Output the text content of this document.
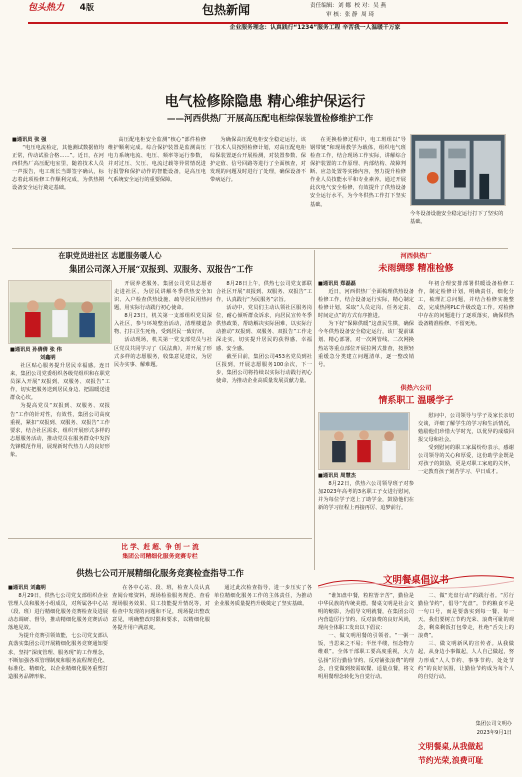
包头热力 4版	包热新闻	责任编辑：刘 娜 校 对：吴 燕
审 核：张 静 周 琦
企业服务理念：认真践行“1234”服务工程 辛苦我一人温暖千万家
电气检修除隐患 精心维护保运行
——河西供热厂开展高压配电柜综保装置检修维护工作
■通讯员 张 强

“电压电流检定，其他测试数据值均正常，传动试验合格……”。近日，在河西供热厂高压配电室里，随着技术人员一声报告，电工班长当即签字确认，标志着此项检修工作顺利完成，为供热期设备安全运行奠定基础。

高压配电柜安全监测“核心”部件检修维护顺利完成。综合保护装置是监测高压电力系统电流、电压、频率等运行参数，并对过压、欠压、电流过载等异常情况进行报警和保护动作的智能设备，是高压电气系统安全运行的重要保障。

为确保高压配电柜安全稳定运行，该厂技术人员按照检修计划，对高压配电柜综保装置逐台开展检测，对装置参数、保护定值、信号回路等进行了全面核查，对发现的问题及时进行了处理，确保设备不带病运行。

在更换检修过程中，电工班组以“导钢带链”和现场教学为载体，组织电气班检查工作，结合现场工作实际，讲解综合保护装置的工作原理、内部结构、故障判断、应急处置等实操内容，努力提升检修作业人员技能水平和专业素养。通过开展此次电气安全检修，有效提升了供热设备安全运行水平，为今冬供热工作打下坚实基础。

今冬设备设施安全稳定运行打下了坚实的基础。
在职党员进社区 志愿服务暖人心
集团公司深入开展“双报到、双服务、双报告”工作
■通讯员 孙倩倩 张 伟
刘鑫明

社区贴心服务提升居民幸福感。连日来，集团公司党委组织各级党组织和在职党员深入开展“双报到、双服务、双报告”工作，切实把服务送到居民身边、把温暖送进群众心坎。

为提高党员“双报到、双服务、双报告”工作的针对性，有效性，集团公司高度重视，紧扣“双报到、双服务、双报告”工作要求，结合社区需求，组织开展形式多样的志愿服务活动，推动党员在服务群众中发挥先锋模范作用，展现新时代热力人的良好形象。

开展养老服务。集团公司党员志愿者走进社区，为居民讲解冬季供热安全知识、入户检查供热设施、疏导居民用热问题，用实际行动践行初心使命。

8月23日，机关第一支部组织党员深入社区，参与环境整治活动，清理楼道杂物、打扫卫生死角，受到居民一致好评。

活动现场，机关第一党支部党员与社区党员共同学习了《民法典》，并开展了形式多样的志愿服务，收集意见建议，为居民办实事、解难题。

8月28日上午，供热七公司党支部联合社区开展“双报到、双服务、双报告”工作，认真践行“为民服务”宗旨。

活动中，党员们主动认领社区服务岗位，耐心倾听群众诉求，向居民宣传冬季供热政策，帮助解决实际困难，以实际行动推动“双报到、双服务、双报告”工作走深走实，切实提升居民的获得感、幸福感、安全感。

截至目前，集团公司453名党员到社区报到，开展志愿服务100余次，下一步，集团公司将持续以实际行动践行初心使命，为推动企业高质量发展贡献力量。

河西供热厂
未雨绸缪 精准检修
■通讯员 郑磊磊

近日，河西供热厂全面梳理供热设备检修工作，结合设备运行实际，精心制定检修计划，采取“人员定岗、任务定责、时间定点”的方式有序推进。

为下好“保障供暖”这盘民生棋，确保今冬供热设备安全稳定运行，该厂提前谋划、精心部署，对一次网管线、二次网换热站等重点部位开展拉网式排查，按照轻重缓急分类建立问题清单，逐一整改销号。

年初合理安排部署供暖设备检修工作，制定检修计划，明确责任，细化分工，梳理汇总问题，并结合检修实施整改，完成热网PLC升级改造工作。对检修中存在的问题进行了逐项落实，确保供热设备精准检修、不留死角。

供热六公司
情系职工 温暖学子
■通讯员 周慧杰

8月22日，供热六公司领导班子对参加2023年高考的3名职工子女进行慰问，并为每位学子送上了助学金，鼓励他们在新的学习征程上再接再厉、追梦前行。

慰问中，公司领导与学子及家长亲切交谈，详细了解学生的学习和生活情况，勉励他们珍惜大学时光，以优异的成绩回报父母和社会。

受到慰问的职工家属纷纷表示，感谢公司领导的关心和厚爱，这份助学金既是对孩子的鼓励，更是对职工家庭的关怀，一定教育孩子刻苦学习、早日成才。

比 学、赶 超、争 创 一 流
集团公司精细化服务竞赛专栏
供热七公司开展精细化服务竞赛检查指导工作
■通讯员 刘鑫明

8月29日，供热七公司党支部组织企业管理人员和服务小组成员，对所属各中心站（段、班）进行精细化服务竞赛检查及进展动态调研、督导，推动精细化服务竞赛活动落地见效。

为提升竞赛引领效能，七公司党支部认真落实集团公司开展精细化服务竞赛通知要求，坚持“深度管理、服务现”的工作理念，不断加强各项管理制度和服务流程规范化、标准化、精细化，以企业精细化服务重塑打造服务品牌形象。

在各中心站、段、班，检查人员认真查阅台账资料，现场检验服务规范、查看现场服务效果、员工技能提升情况等，对检查中发现的问题和不足，现场提出整改意见，明确整改时限和要求，以精细化服务提升用户满意度。

通过此次检查指导，进一步压实了各单位精细化服务工作的主体责任，为推动企业服务质量提档升级奠定了坚实基础。

文明餐桌倡议书

“谁知盘中餐，粒粒皆辛苦”，勤俭是中华民族的传统美德。餐桌文明是社会文明的缩影，为倡导文明就餐，在集团公司内营造厉行节约、反对浪费的良好风尚，现向全体职工发出以下倡议：

一、做文明用餐的引领者。“一粥一饭，当思来之不易；半丝半缕，恒念物力维艰”。全体干部职工要高度重视，大力弘扬“厉行勤俭节约、反对铺张浪费”的理念，自觉做到按需取餐、适量点餐，将文明用餐理念转化为自觉行动。

二、做“光盘行动”的践行者。“厉行勤俭节约”，倡导“光盘”。节约粮食不是一句口号，而是要落实到每一餐、每一天。我们要树立节约光荣、浪费可耻的观念，剩菜剩饭打包带走，杜绝“舌尖上的浪费”。

三、做文明新风的宣传者。从我做起，从身边小事做起，人人自己做起，努力形成“人人节约、事事节约、处处节约”的良好氛围，让勤俭节约成为每个人的自觉行动。

集团公司文明办
2023年9月1日
文明餐桌,从我做起
节约光荣,浪费可耻
